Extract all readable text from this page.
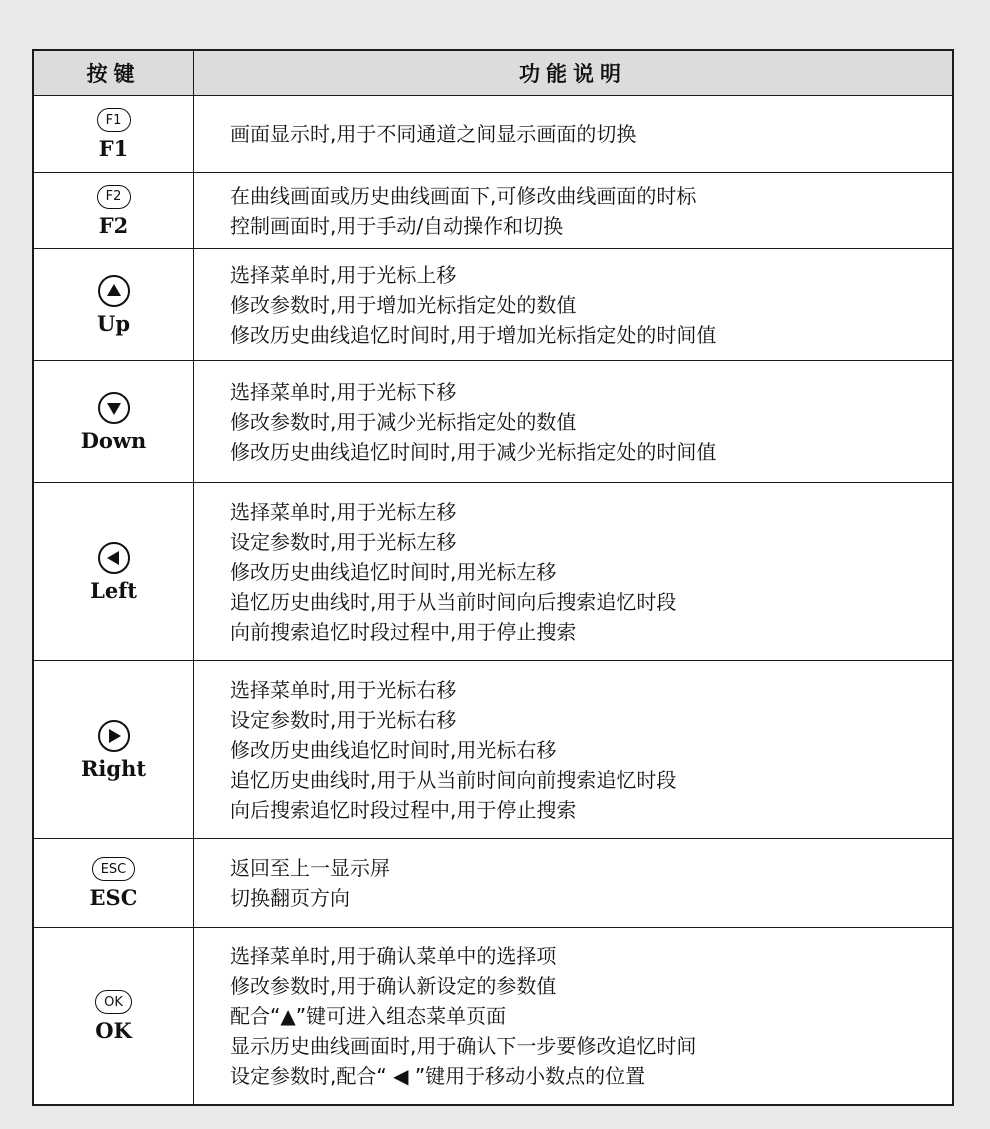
按键	功能说明
F1
F1
画面显示时,用于不同通道之间显示画面的切换
F2
F2
在曲线画面或历史曲线画面下,可修改曲线画面的时标
控制画面时,用于手动/自动操作和切换
Up
选择菜单时,用于光标上移
修改参数时,用于增加光标指定处的数值
修改历史曲线追忆时间时,用于增加光标指定处的时间值
Down
选择菜单时,用于光标下移
修改参数时,用于减少光标指定处的数值
修改历史曲线追忆时间时,用于减少光标指定处的时间值
Left
选择菜单时,用于光标左移
设定参数时,用于光标左移
修改历史曲线追忆时间时,用光标左移
追忆历史曲线时,用于从当前时间向后搜索追忆时段
向前搜索追忆时段过程中,用于停止搜索
Right
选择菜单时,用于光标右移
设定参数时,用于光标右移
修改历史曲线追忆时间时,用光标右移
追忆历史曲线时,用于从当前时间向前搜索追忆时段
向后搜索追忆时段过程中,用于停止搜索
ESC
ESC
返回至上一显示屏
切换翻页方向
OK
OK
选择菜单时,用于确认菜单中的选择项
修改参数时,用于确认新设定的参数值
配合“▲”键可进入组态菜单页面
显示历史曲线画面时,用于确认下一步要修改追忆时间
设定参数时,配合“ ◀ ”键用于移动小数点的位置
